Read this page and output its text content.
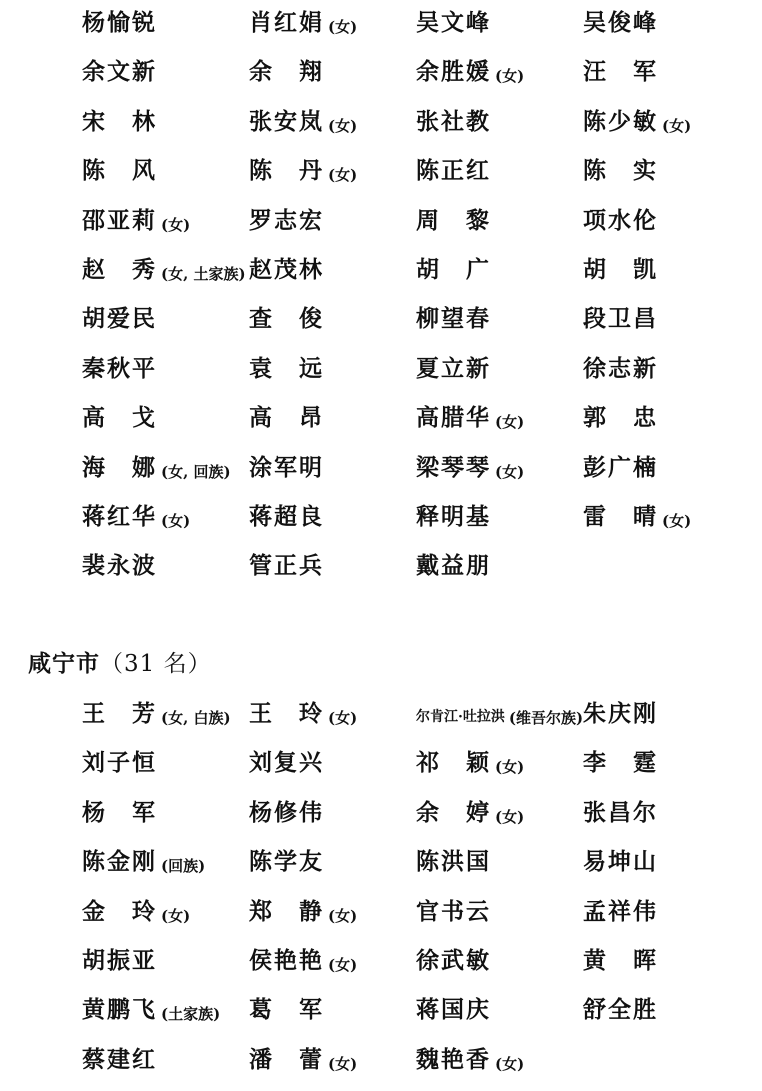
杨愉锐	肖红娟 (女)	吴文峰	吴俊峰
余文新	余　翔	余胜媛 (女)	汪　军
宋　林	张安岚 (女)	张社教	陈少敏 (女)
陈　风	陈　丹 (女)	陈正红	陈　实
邵亚莉 (女)	罗志宏	周　黎	项水伦
赵　秀 (女, 土家族) 赵茂林	胡　广	胡　凯
胡爱民	查　俊	柳望春	段卫昌
秦秋平	袁　远	夏立新	徐志新
高　戈	高　昂	高腊华 (女)	郭　忠
海　娜 (女, 回族) 涂军明	梁琴琴 (女)	彭广楠
蒋红华 (女)	蒋超良	释明基	雷　晴 (女)
裴永波	管正兵	戴益朋
咸宁市（31 名）
王　芳 (女, 白族) 王　玲 (女)	尔肯江·吐拉洪 (维吾尔族) 朱庆刚
刘子恒	刘复兴	祁　颖 (女)	李　霆
杨　军	杨修伟	余　婷 (女)	张昌尔
陈金刚 (回族) 陈学友	陈洪国	易坤山
金　玲 (女)	郑　静 (女)	官书云	孟祥伟
胡振亚	侯艳艳 (女)	徐武敏	黄　晖
黄鹏飞 (土家族) 葛　军	蒋国庆	舒全胜
蔡建红	潘　蕾 (女)	魏艳香 (女)
